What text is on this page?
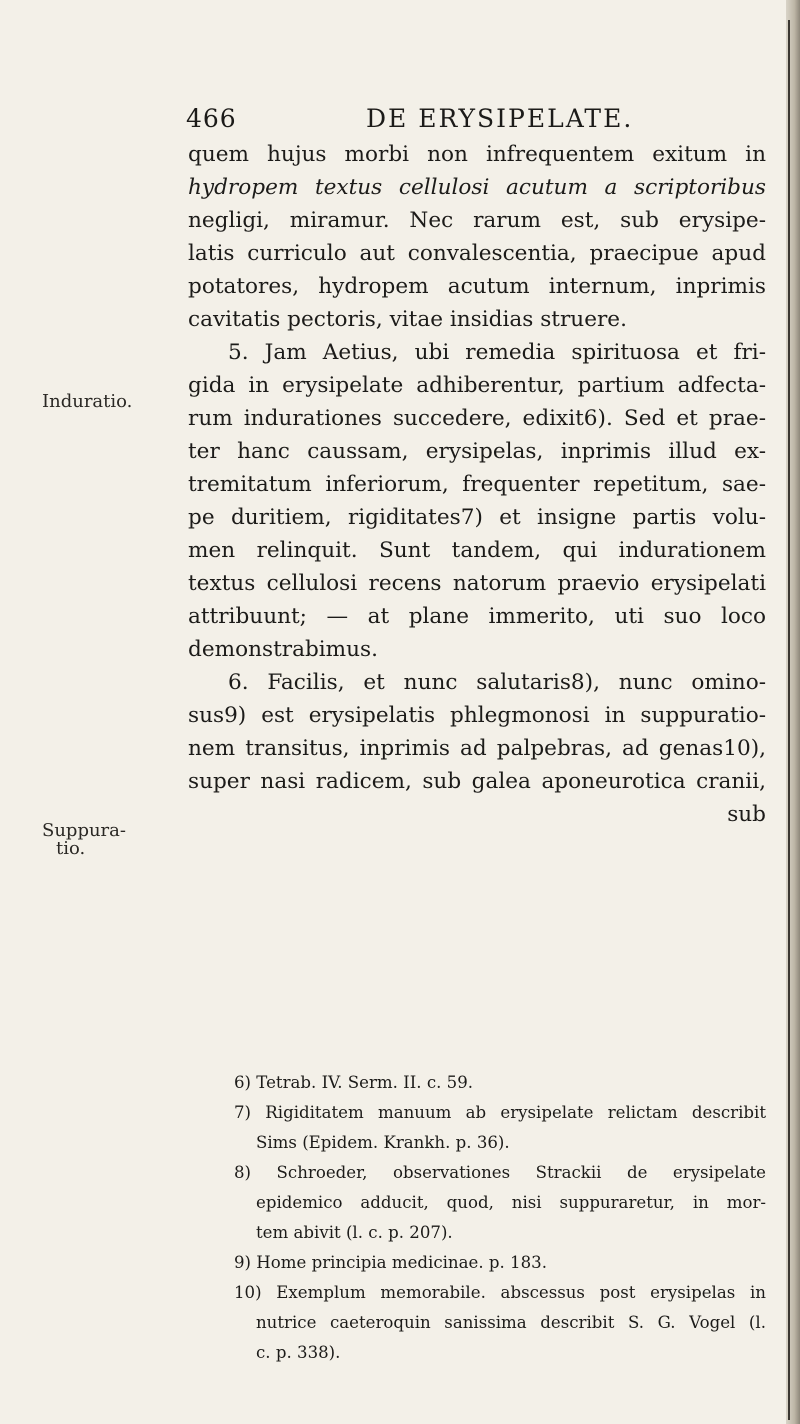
466	DE ERYSIPELATE.
Induratio.
Suppura-
tio.
quem hujus morbi non infrequentem exitum in
hydropem textus cellulosi acutum a scriptoribus
negligi, miramur. Nec rarum est, sub erysipe-
latis curriculo aut convalescentia, praecipue apud
potatores, hydropem acutum internum, inprimis
cavitatis pectoris, vitae insidias struere.
5. Jam Aetius, ubi remedia spirituosa et fri-
gida in erysipelate adhiberentur, partium adfecta-
rum indurationes succedere, edixit6). Sed et prae-
ter hanc caussam, erysipelas, inprimis illud ex-
tremitatum inferiorum, frequenter repetitum, sae-
pe duritiem, rigiditates7) et insigne partis volu-
men relinquit. Sunt tandem, qui indurationem
textus cellulosi recens natorum praevio erysipelati
attribuunt; — at plane immerito, uti suo loco
demonstrabimus.
6. Facilis, et nunc salutaris8), nunc omino-
sus9) est erysipelatis phlegmonosi in suppuratio-
nem transitus, inprimis ad palpebras, ad genas10),
super nasi radicem, sub galea aponeurotica cranii,
sub
6) Tetrab. IV. Serm. II. c. 59.
7) Rigiditatem manuum ab erysipelate relictam describit
Sims (Epidem. Krankh. p. 36).
8) Schroeder, observationes Strackii de erysipelate
epidemico adducit, quod, nisi suppuraretur, in mor-
tem abivit (l. c. p. 207).
9) Home principia medicinae. p. 183.
10) Exemplum memorabile. abscessus post erysipelas in
nutrice caeteroquin sanissima describit S. G. Vogel (l.
c. p. 338).
